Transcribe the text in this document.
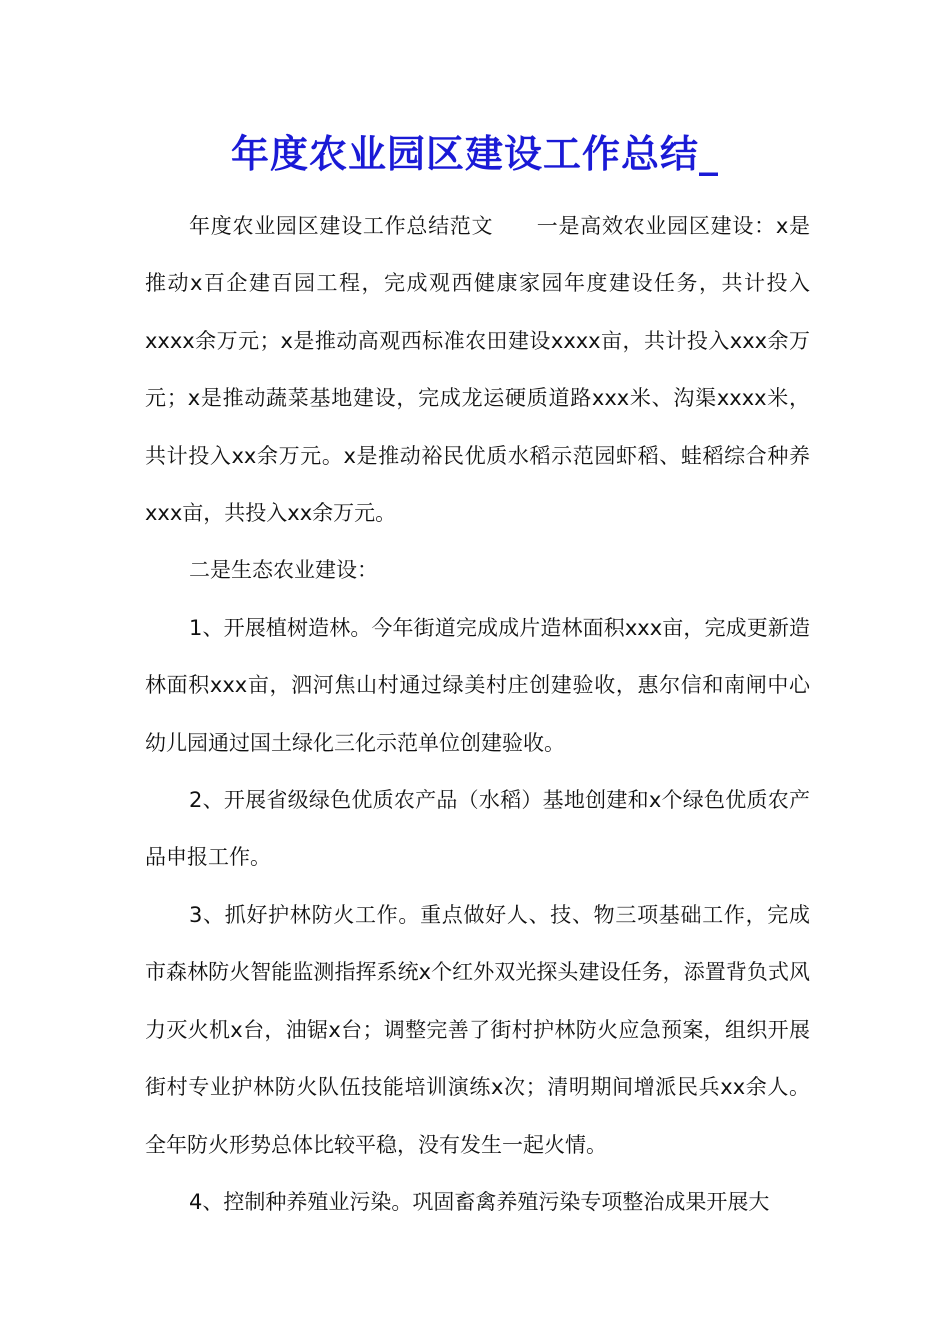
年度农业园区建设工作总结_

年度农业园区建设工作总结范文　　一是高效农业园区建设：x是推动x百企建百园工程，完成观西健康家园年度建设任务，共计投入xxxx余万元；x是推动高观西标准农田建设xxxx亩，共计投入xxx余万元；x是推动蔬菜基地建设，完成龙运硬质道路xxx米、沟渠xxxx米，共计投入xx余万元。x是推动裕民优质水稻示范园虾稻、蛙稻综合种养xxx亩，共投入xx余万元。

二是生态农业建设：

1、开展植树造林。今年街道完成成片造林面积xxx亩，完成更新造林面积xxx亩，泗河焦山村通过绿美村庄创建验收，惠尔信和南闸中心幼儿园通过国土绿化三化示范单位创建验收。

2、开展省级绿色优质农产品（水稻）基地创建和x个绿色优质农产品申报工作。

3、抓好护林防火工作。重点做好人、技、物三项基础工作，完成市森林防火智能监测指挥系统x个红外双光探头建设任务，添置背负式风力灭火机x台，油锯x台；调整完善了街村护林防火应急预案，组织开展街村专业护林防火队伍技能培训演练x次；清明期间增派民兵xx余人。全年防火形势总体比较平稳，没有发生一起火情。

4、控制种养殖业污染。巩固畜禽养殖污染专项整治成果开展大
